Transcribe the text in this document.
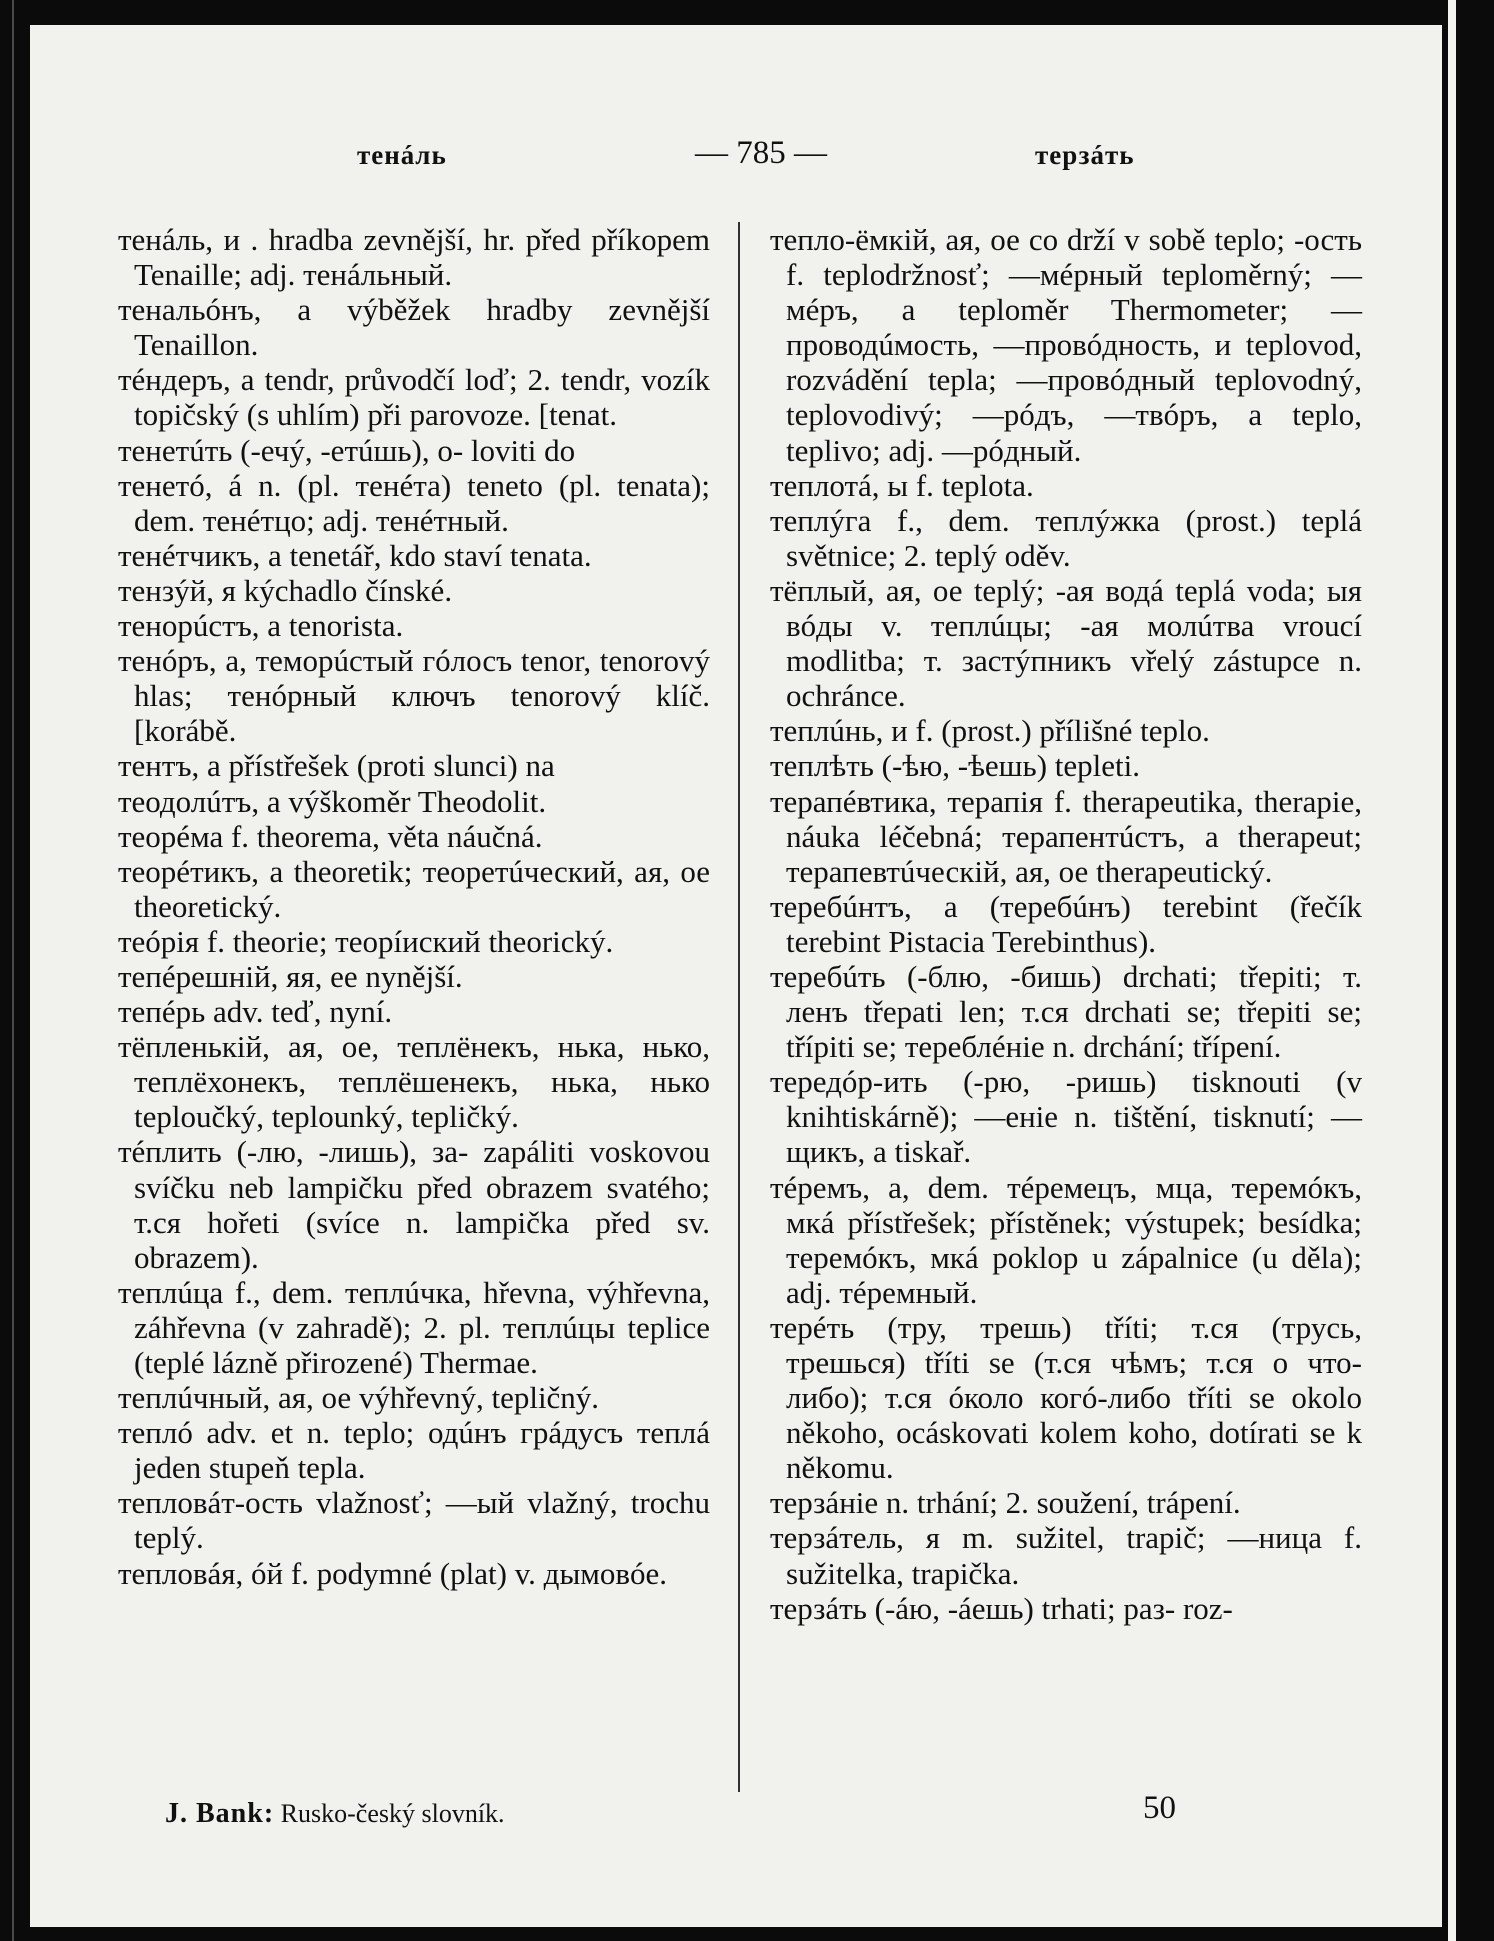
тенáль	— 785 —	терзáть

тенáль, и . hradba zevnější, hr. před příkopem Tenaille; adj. тенáльный.

тенальóнъ, a výběžek hradby zevnější Tenaillon.

тéндеръ, a tendr, průvodčí loď; 2. tendr, vozík topičský (s uhlím) při parovoze. [tenat.

тенетúть (-ечý, -етúшь), o- loviti do

тенетó, á n. (pl. тенéта) teneto (pl. tenata); dem. тенéтцо; adj. тенéтный.

тенéтчикъ, a tenetář, kdo staví tenata.

тензýй, я kýchadlo čínské.

тенорúстъ, a tenorista.

тенóръ, a, теморúстый гóлосъ tenor, tenorový hlas; тенóрный ключъ tenorový klíč. [korábě.

тентъ, a přístřešek (proti slunci) na

теодолúтъ, a výškoměr Theodolit.

теорéма f. theorema, věta náučná.

теорéтикъ, a theoretik; теоретúческий, ая, ое theoretický.

теóрія f. theorie; теорíиский theorický.

тепéрешній, яя, ее nynější.

тепéрь adv. teď, nyní.

тёпленькій, ая, ое, теплёнекъ, нька, нько, теплёхонекъ, теплёшенекъ, нька, нько teploučký, teplounký, tepličký.

тéплить (-лю, -лишь), за- zapáliti voskovou svíčku neb lampičku před obrazem svatého; т.ся hořeti (svíce n. lampička před sv. obrazem).

теплúца f., dem. теплúчка, hřevna, výhřevna, záhřevna (v zahradě); 2. pl. теплúцы teplice (teplé lázně přirozené) Thermae.

теплúчный, ая, ое výhřevný, tepličný.

теплó adv. et n. teplo; одúнъ грáдусъ теплá jeden stupeň tepla.

тепловáт-ость vlažnosť; —ый vlažný, trochu teplý.

тепловáя, óй f. podymné (plat) v. дымовóе.

тепло-ёмкій, ая, ое co drží v sobě teplo; -ость f. teplodržnosť; —мéрный teploměrný; —мéръ, a teploměr Thermometer; —проводúмость, —провóдность, и teplovod, rozvádění tepla; —провóдный teplovodný, teplovodivý; —рóдъ, —твóръ, a teplo, teplivo; adj. —рóдный.

теплотá, ы f. teplota.

теплýга f., dem. теплýжка (prost.) teplá světnice; 2. teplý oděv.

тёплый, ая, ое teplý; -ая водá teplá voda; ыя вóды v. теплúцы; -ая молúтва vroucí modlitba; т. застýпникъ vřelý zástupce n. ochránce.

теплúнь, и f. (prost.) přílišné teplo.

теплѣть (-ѣю, -ѣешь) tepleti.

терапéвтика, терапія f. therapeutika, therapie, náuka léčebná; терапентúстъ, a therapeut; терапевтúческій, ая, ое therapeutický.

теребúнтъ, a (теребúнъ) terebint (řečík terebint Pistacia Terebinthus).

теребúть (-блю, -бишь) drchati; třepiti; т. ленъ třepati len; т.ся drchati se; třepiti se; třípiti se; тереблéніе n. drchání; třípení.

тередóр-ить (-рю, -ришь) tisknouti (v knihtiskárně); —еніе n. tištění, tisknutí; —щикъ, a tiskař.

тéремъ, a, dem. тéремецъ, мца, теремóкъ, мкá přístřešek; přístěnek; výstupek; besídka; теремóкъ, мкá poklop u zápalnice (u děla); adj. тéремный.

терéть (тру, трешь) tříti; т.ся (трусь, трешься) tříti se (т.ся чѣмъ; т.ся о что-либо); т.ся óколо когó-либо tříti se okolo někoho, ocáskovati kolem koho, dotírati se k někomu.

терзáніе n. trhání; 2. soužení, trápení.

терзáтель, я m. sužitel, trapič; —ница f. sužitelka, trapička.

терзáть (-áю, -áешь) trhati; раз- roz-

J. Bank: Rusko-český slovník.	50
